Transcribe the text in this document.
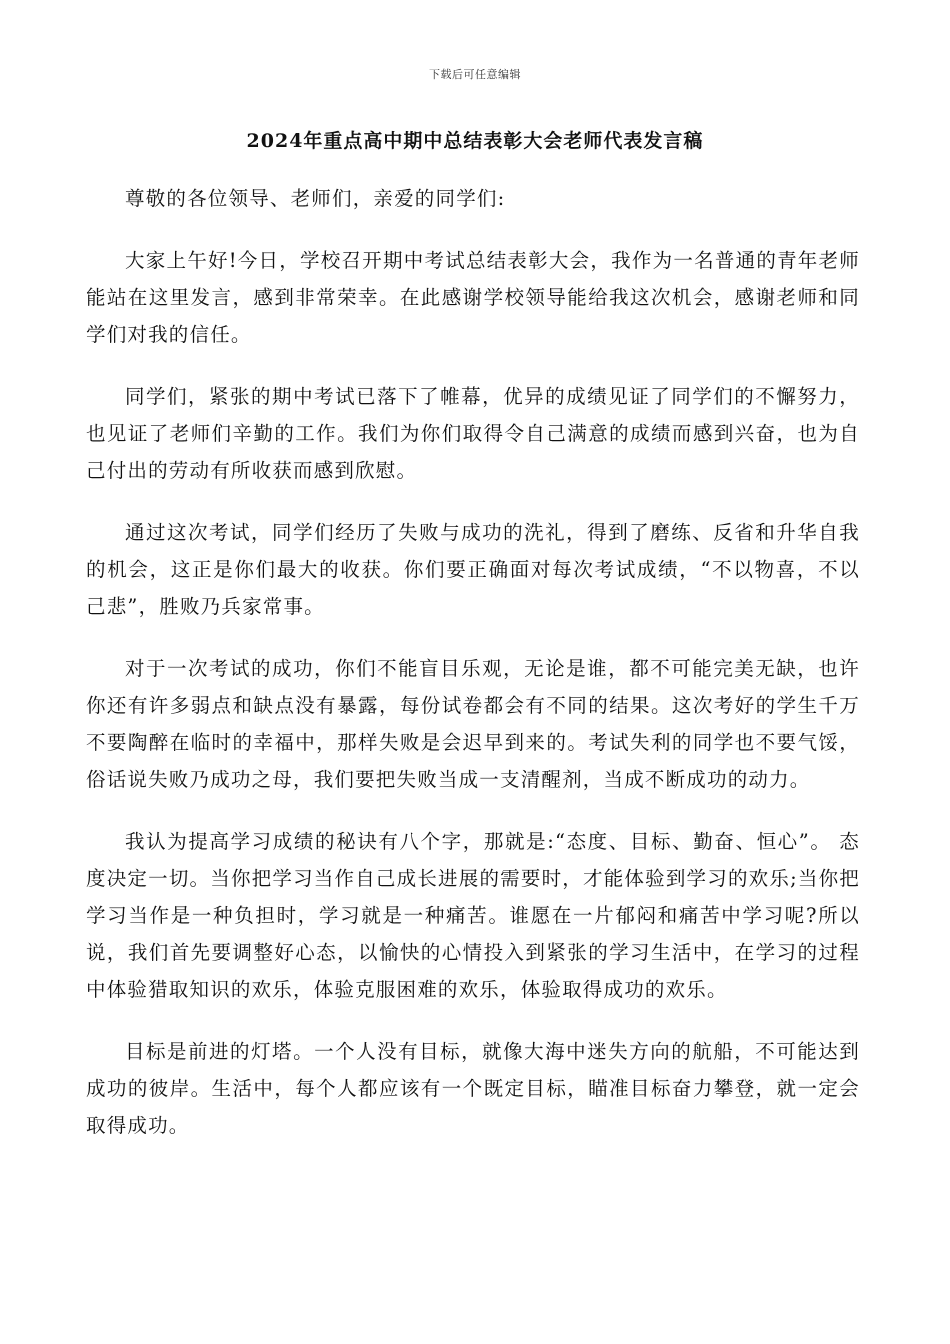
下载后可任意编辑
2024年重点高中期中总结表彰大会老师代表发言稿

尊敬的各位领导、老师们，亲爱的同学们:

大家上午好!今日，学校召开期中考试总结表彰大会，我作为一名普通的青年老师能站在这里发言，感到非常荣幸。在此感谢学校领导能给我这次机会，感谢老师和同学们对我的信任。

同学们，紧张的期中考试已落下了帷幕，优异的成绩见证了同学们的不懈努力，也见证了老师们辛勤的工作。我们为你们取得令自己满意的成绩而感到兴奋，也为自己付出的劳动有所收获而感到欣慰。

通过这次考试，同学们经历了失败与成功的洗礼，得到了磨练、反省和升华自我的机会，这正是你们最大的收获。你们要正确面对每次考试成绩，“不以物喜，不以己悲”，胜败乃兵家常事。

对于一次考试的成功，你们不能盲目乐观，无论是谁，都不可能完美无缺，也许你还有许多弱点和缺点没有暴露，每份试卷都会有不同的结果。这次考好的学生千万不要陶醉在临时的幸福中，那样失败是会迟早到来的。考试失利的同学也不要气馁，俗话说失败乃成功之母，我们要把失败当成一支清醒剂，当成不断成功的动力。

我认为提高学习成绩的秘诀有八个字，那就是:“态度、目标、勤奋、恒心”。 态度决定一切。当你把学习当作自己成长进展的需要时，才能体验到学习的欢乐;当你把学习当作是一种负担时，学习就是一种痛苦。谁愿在一片郁闷和痛苦中学习呢?所以说，我们首先要调整好心态，以愉快的心情投入到紧张的学习生活中，在学习的过程中体验猎取知识的欢乐，体验克服困难的欢乐，体验取得成功的欢乐。

目标是前进的灯塔。一个人没有目标，就像大海中迷失方向的航船，不可能达到成功的彼岸。生活中，每个人都应该有一个既定目标，瞄准目标奋力攀登，就一定会取得成功。
